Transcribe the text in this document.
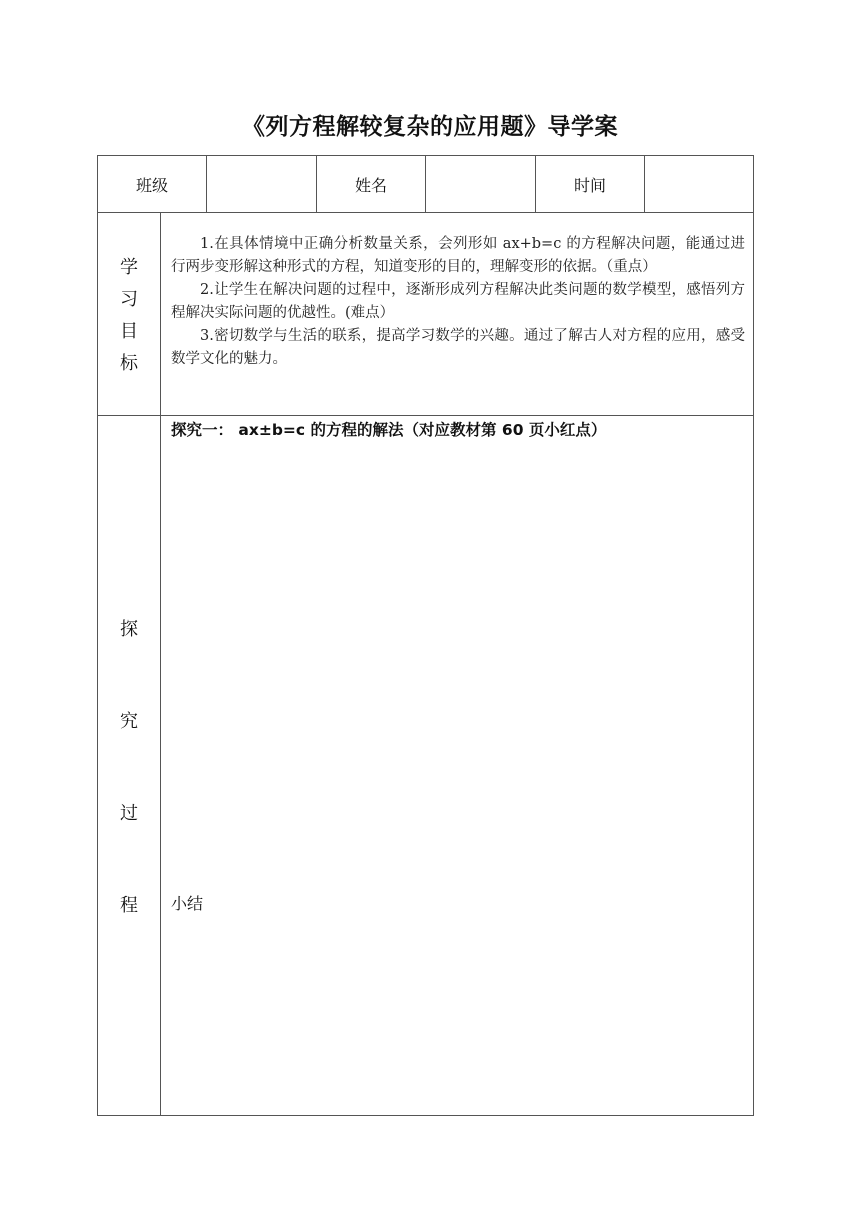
《列方程解较复杂的应用题》导学案
班级	姓名	时间
学
习
目
标

1.在具体情境中正确分析数量关系，会列形如 ax+b=c 的方程解决问题，能通过进行两步变形解这种形式的方程，知道变形的目的，理解变形的依据。（重点）

2.让学生在解决问题的过程中，逐渐形成列方程解决此类问题的数学模型，感悟列方程解决实际问题的优越性。(难点）

3.密切数学与生活的联系，提高学习数学的兴趣。通过了解古人对方程的应用，感受数学文化的魅力。

探
究
过
程
探究一： ax±b=c 的方程的解法（对应教材第 60 页小红点）
小结
